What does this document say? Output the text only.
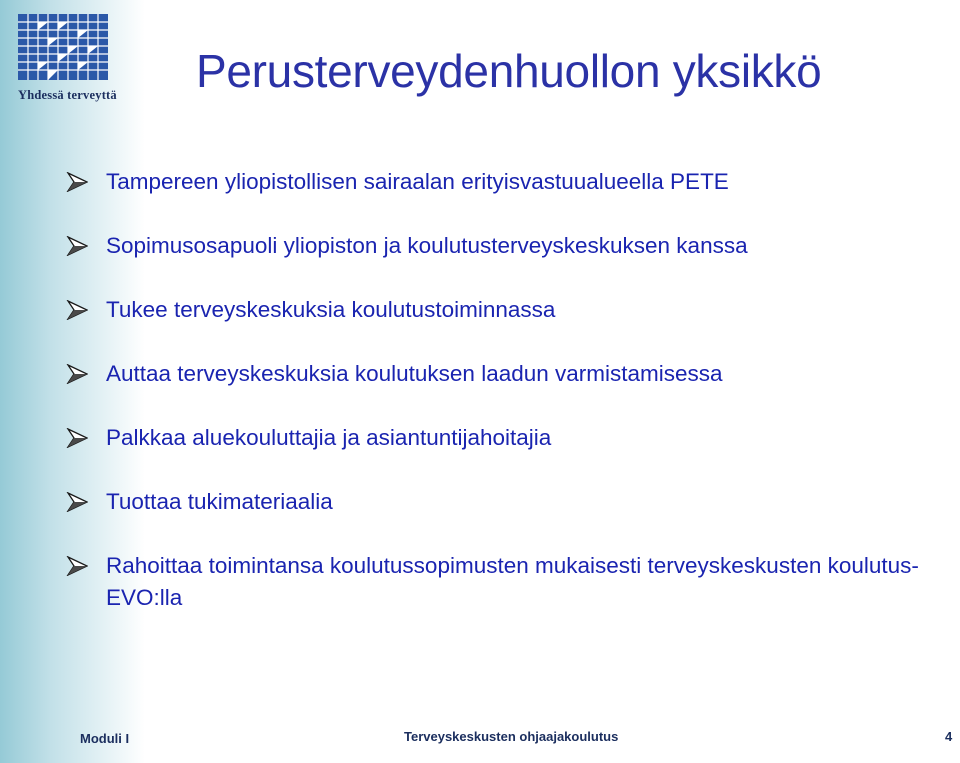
Yhdessä terveyttä	Perusterveydenhuollon yksikkö
Tampereen yliopistollisen sairaalan erityisvastuualueella PETE
Sopimusosapuoli yliopiston ja koulutusterveyskeskuksen kanssa
Tukee terveyskeskuksia koulutustoiminnassa
Auttaa terveyskeskuksia koulutuksen laadun varmistamisessa
Palkkaa aluekouluttajia ja asiantuntijahoitajia
Tuottaa tukimateriaalia
Rahoittaa toimintansa koulutussopimusten mukaisesti terveyskeskusten koulutus-EVO:lla
Moduli I	Terveyskeskusten ohjaajakoulutus	4
